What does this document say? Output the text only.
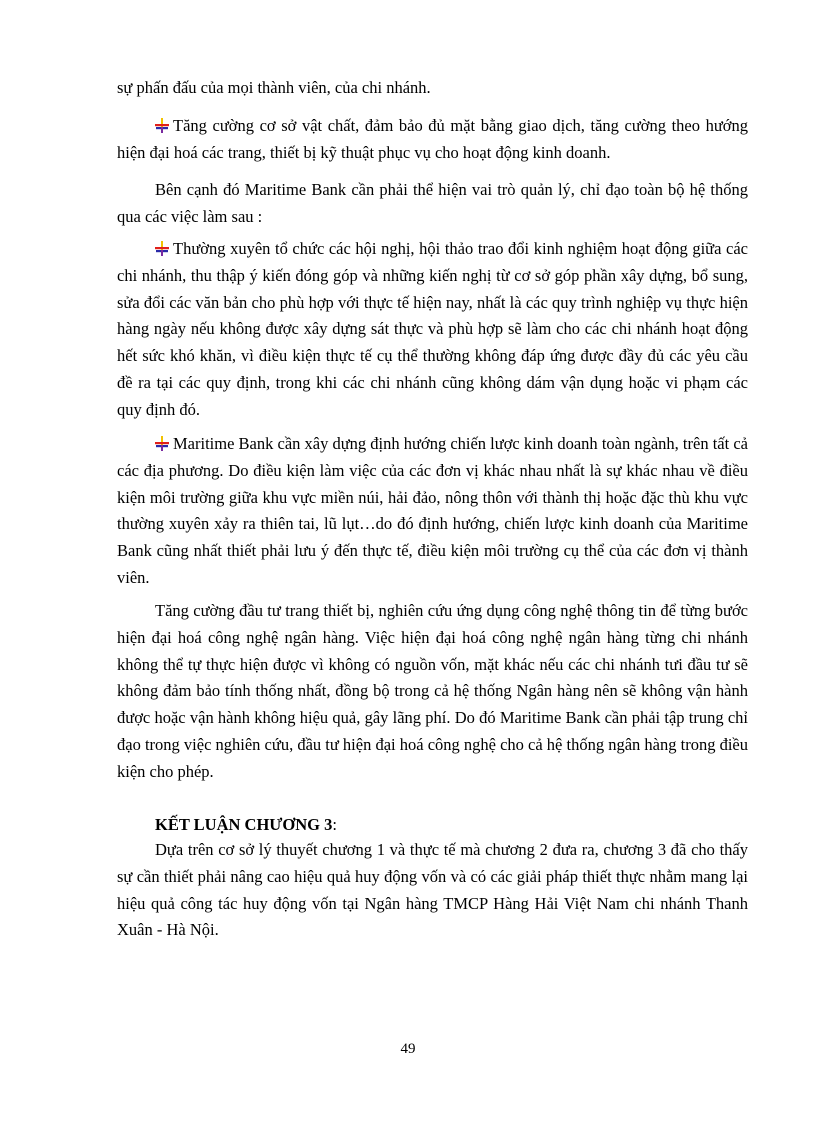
sự phấn đấu của mọi thành viên, của chi nhánh.

Tăng cường cơ sở vật chất, đảm bảo đủ mặt bằng giao dịch, tăng cường theo hướng hiện đại hoá các trang, thiết bị kỹ thuật phục vụ cho hoạt động kinh doanh.

Bên cạnh đó Maritime Bank cần phải thể hiện vai trò quản lý, chỉ đạo toàn bộ hệ thống qua các việc làm sau :

Thường xuyên tổ chức các hội nghị, hội thảo trao đổi kinh nghiệm hoạt động giữa các chi nhánh, thu thập ý kiến đóng góp và những kiến nghị từ cơ sở góp phần xây dựng, bổ sung, sửa đổi các văn bản cho phù hợp với thực tế hiện nay, nhất là các quy trình nghiệp vụ thực hiện hàng ngày nếu không được xây dựng sát thực và phù hợp sẽ làm cho các chi nhánh hoạt động hết sức khó khăn, vì điều kiện thực tế cụ thể thường không đáp ứng được đầy đủ các yêu cầu đề ra tại các quy định, trong khi các chi nhánh cũng không dám vận dụng hoặc vi phạm các quy định đó.

Maritime Bank cần xây dựng định hướng chiến lược kinh doanh toàn ngành, trên tất cả các địa phương. Do điều kiện làm việc của các đơn vị khác nhau nhất là sự khác nhau về điều kiện môi trường giữa khu vực miền núi, hải đảo, nông thôn với thành thị hoặc đặc thù khu vực thường xuyên xảy ra thiên tai, lũ lụt…do đó định hướng, chiến lược kinh doanh của Maritime Bank cũng nhất thiết phải lưu ý đến thực tế, điều kiện môi trường cụ thể của các đơn vị thành viên.

Tăng cường đầu tư trang thiết bị, nghiên cứu ứng dụng công nghệ thông tin để từng bước hiện đại hoá công nghệ ngân hàng. Việc hiện đại hoá công nghệ ngân hàng từng chi nhánh không thể tự thực hiện được vì không có nguồn vốn, mặt khác nếu các chi nhánh tưi đầu tư sẽ không đảm bảo tính thống nhất, đồng bộ trong cả hệ thống Ngân hàng nên sẽ không vận hành được hoặc vận hành không hiệu quả, gây lãng phí. Do đó Maritime Bank cần phải tập trung chỉ đạo trong việc nghiên cứu, đầu tư hiện đại hoá công nghệ cho cả hệ thống ngân hàng trong điều kiện cho phép.

KẾT LUẬN CHƯƠNG 3:

Dựa trên cơ sở lý thuyết chương 1 và thực tế mà chương 2 đưa ra, chương 3 đã cho thấy sự cần thiết phải nâng cao hiệu quả huy động vốn và có các giải pháp thiết thực nhằm mang lại hiệu quả công tác huy động vốn tại Ngân hàng TMCP Hàng Hải Việt Nam chi nhánh Thanh Xuân - Hà Nội.

49
